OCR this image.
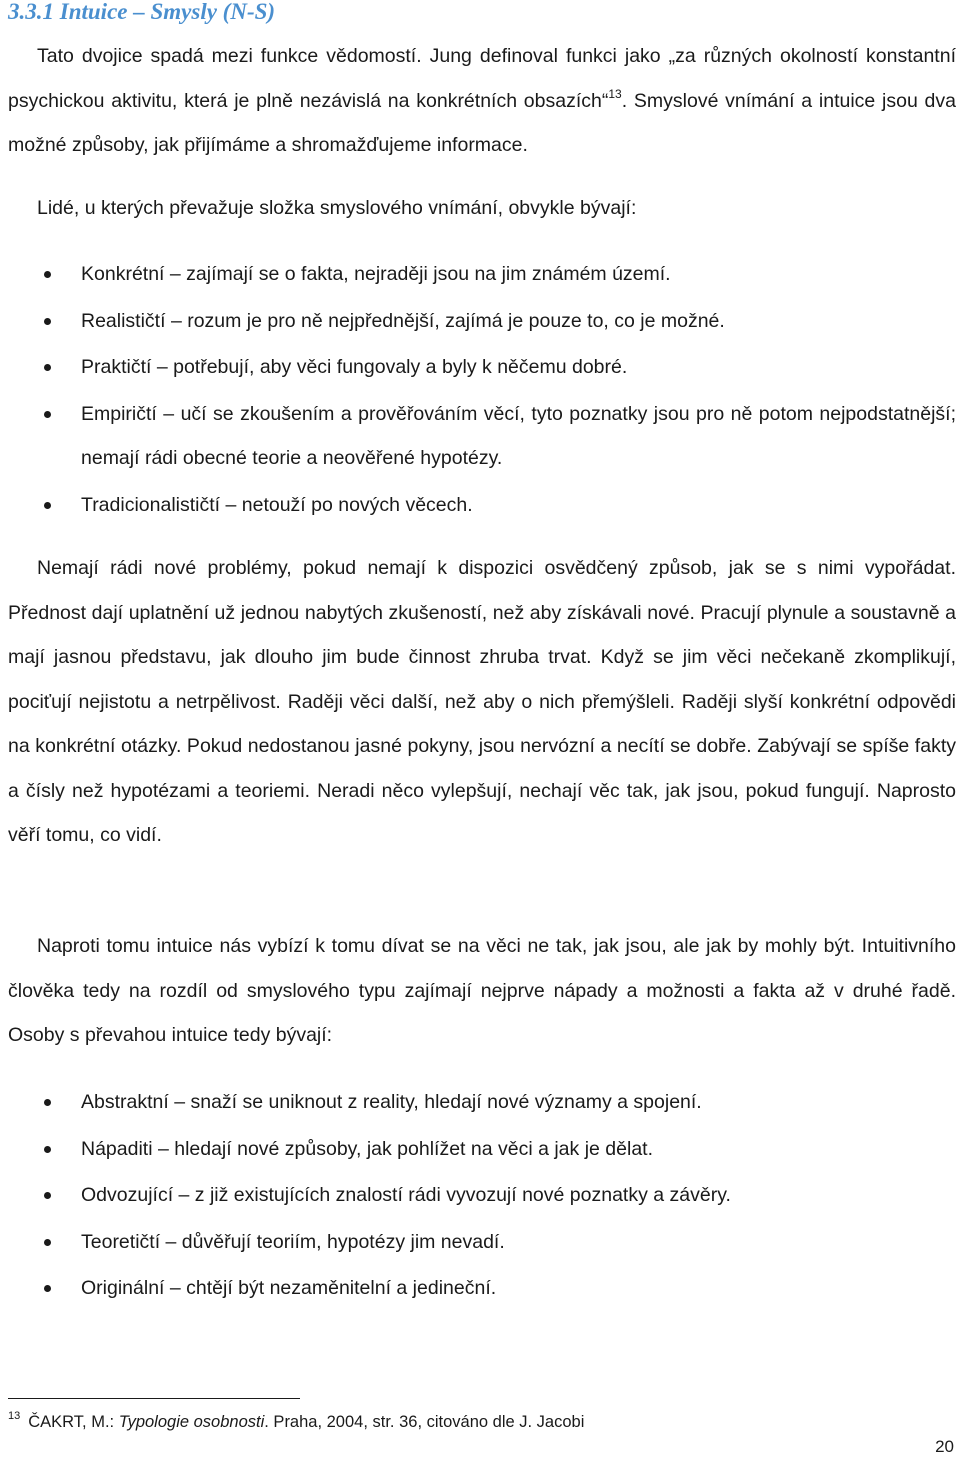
3.3.1 Intuice – Smysly (N-S)

Tato dvojice spadá mezi funkce vědomostí. Jung definoval funkci jako „za různých okolností konstantní psychickou aktivitu, která je plně nezávislá na konkrétních obsazích“$^{13}$. Smyslové vnímání a intuice jsou dva možné způsoby, jak přijímáme a shromažďujeme informace.

Lidé, u kterých převažuje složka smyslového vnímání, obvykle bývají:

Konkrétní – zajímají se o fakta, nejraději jsou na jim známém území.
Realističtí – rozum je pro ně nejpřednější, zajímá je pouze to, co je možné.
Praktičtí – potřebují, aby věci fungovaly a byly k něčemu dobré.
Empiričtí – učí se zkoušením a prověřováním věcí, tyto poznatky jsou pro ně potom nejpodstatnější; nemají rádi obecné teorie a neověřené hypotézy.
Tradicionalističtí – netouží po nových věcech.

Nemají rádi nové problémy, pokud nemají k dispozici osvědčený způsob, jak se s nimi vypořádat. Přednost dají uplatnění už jednou nabytých zkušeností, než aby získávali nové. Pracují plynule a soustavně a mají jasnou představu, jak dlouho jim bude činnost zhruba trvat. Když se jim věci nečekaně zkomplikují, pociťují nejistotu a netrpělivost. Raději věci další, než aby o nich přemýšleli. Raději slyší konkrétní odpovědi na konkrétní otázky. Pokud nedostanou jasné pokyny, jsou nervózní a necítí se dobře. Zabývají se spíše fakty a čísly než hypotézami a teoriemi. Neradi něco vylepšují, nechají věc tak, jak jsou, pokud fungují. Naprosto věří tomu, co vidí.

Naproti tomu intuice nás vybízí k tomu dívat se na věci ne tak, jak jsou, ale jak by mohly být. Intuitivního člověka tedy na rozdíl od smyslového typu zajímají nejprve nápady a možnosti a fakta až v druhé řadě. Osoby s převahou intuice tedy bývají:

Abstraktní – snaží se uniknout z reality, hledají nové významy a spojení.
Nápaditi – hledají nové způsoby, jak pohlížet na věci a jak je dělat.
Odvozující – z již existujících znalostí rádi vyvozují nové poznatky a závěry.
Teoretičtí – důvěřují teoriím, hypotézy jim nevadí.
Originální – chtějí být nezaměnitelní a jedineční.

$^{13}$ ČAKRT, M.: Typologie osobnosti. Praha, 2004, str. 36, citováno dle J. Jacobi

20
